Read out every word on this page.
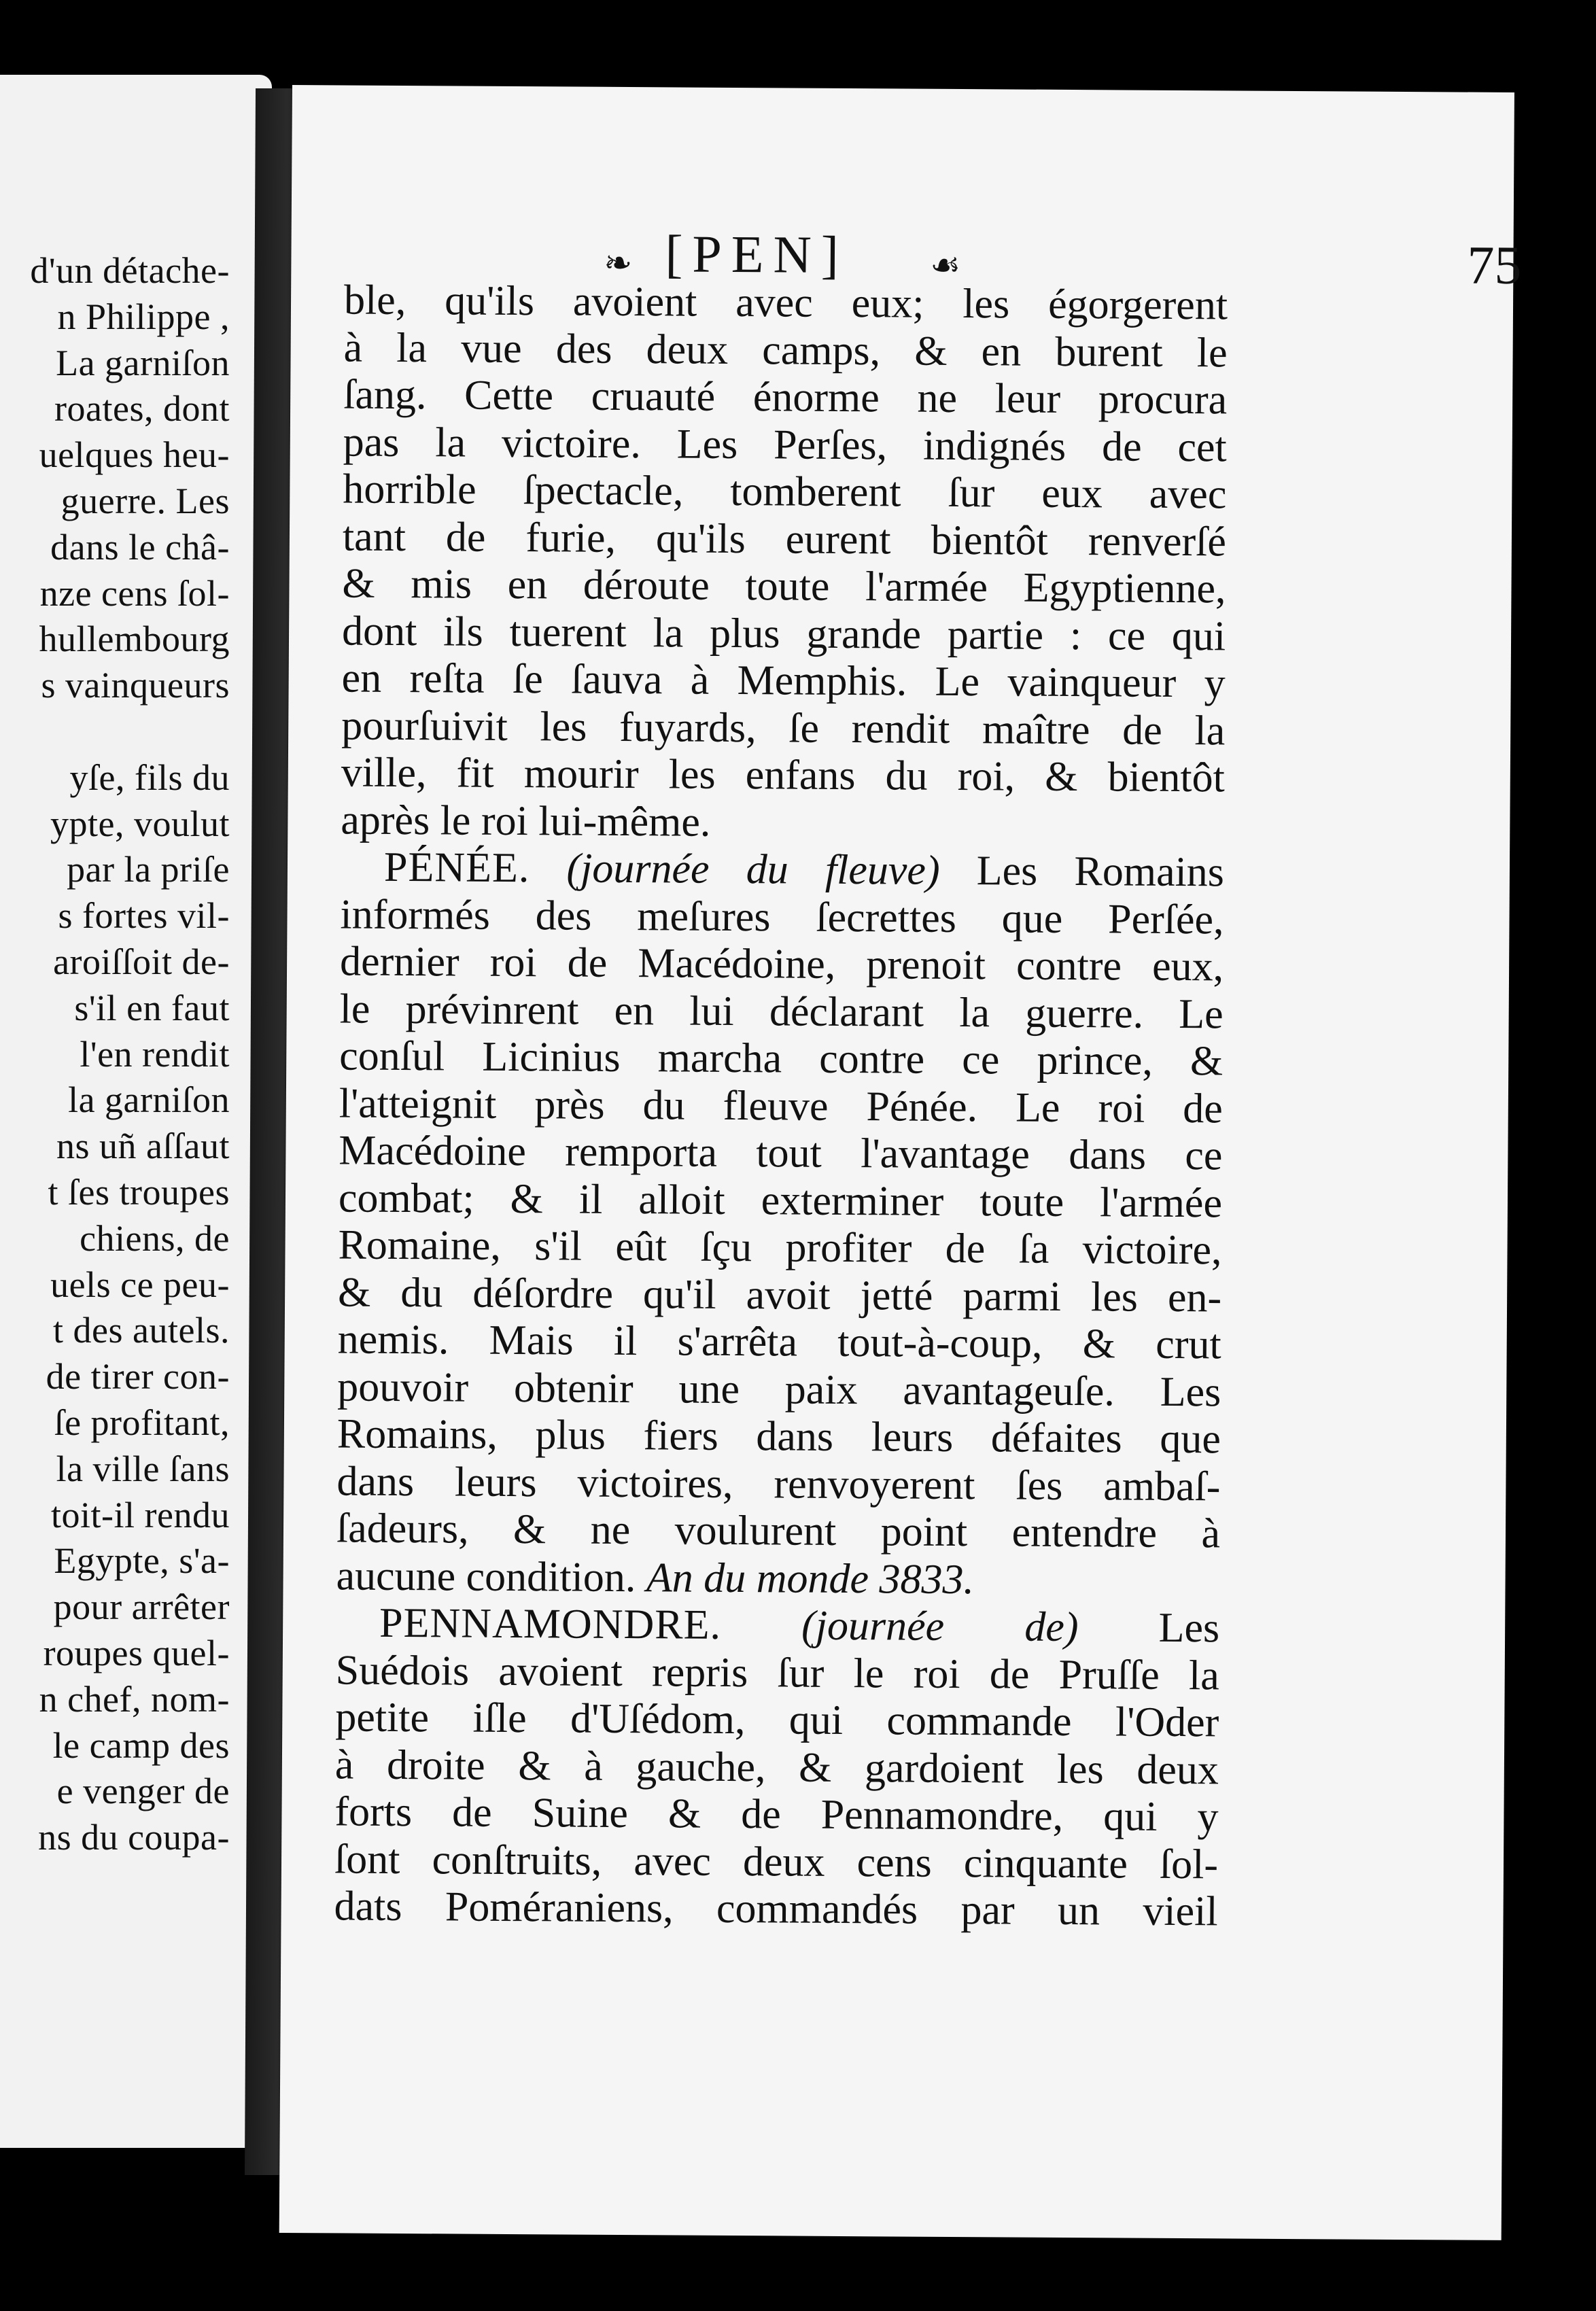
d'un détache-
n Philippe ,
La garniſon
roates, dont
uelques heu-
guerre. Les
dans le châ-
nze cens ſol-
hullembourg
s vainqueurs

yſe, fils du
ypte, voulut
par la priſe
s fortes vil-
aroiſſoit de-
s'il en faut
l'en rendit
la garniſon
ns uñ aſſaut
t ſes troupes
chiens, de
uels ce peu-
t des autels.
de tirer con-
ſe profitant,
la ville ſans
toit-il rendu
Egypte, s'a-
pour arrêter
roupes quel-
n chef, nom-
le camp des
e venger de
ns du coupa-
❧ [PEN] ☙	75
ble, qu'ils avoient avec eux; les égorgerent
à la vue des deux camps, & en burent le
ſang. Cette cruauté énorme ne leur procura
pas la victoire. Les Perſes, indignés de cet
horrible ſpectacle, tomberent ſur eux avec
tant de furie, qu'ils eurent bientôt renverſé
& mis en déroute toute l'armée Egyptienne,
dont ils tuerent la plus grande partie : ce qui
en reſta ſe ſauva à Memphis. Le vainqueur y
pourſuivit les fuyards, ſe rendit maître de la
ville, fit mourir les enfans du roi, & bientôt
après le roi lui-même.
PÉNÉE. (journée du fleuve) Les Romains
informés des meſures ſecrettes que Perſée,
dernier roi de Macédoine, prenoit contre eux,
le prévinrent en lui déclarant la guerre. Le
conſul Licinius marcha contre ce prince, &
l'atteignit près du fleuve Pénée. Le roi de
Macédoine remporta tout l'avantage dans ce
combat; & il alloit exterminer toute l'armée
Romaine, s'il eût ſçu profiter de ſa victoire,
& du déſordre qu'il avoit jetté parmi les en-
nemis. Mais il s'arrêta tout-à-coup, & crut
pouvoir obtenir une paix avantageuſe. Les
Romains, plus fiers dans leurs défaites que
dans leurs victoires, renvoyerent ſes ambaſ-
ſadeurs, & ne voulurent point entendre à
aucune condition. An du monde 3833.
PENNAMONDRE. (journée de) Les
Suédois avoient repris ſur le roi de Pruſſe la
petite iſle d'Uſédom, qui commande l'Oder
à droite & à gauche, & gardoient les deux
forts de Suine & de Pennamondre, qui y
ſont conſtruits, avec deux cens cinquante ſol-
dats Poméraniens, commandés par un vieil
